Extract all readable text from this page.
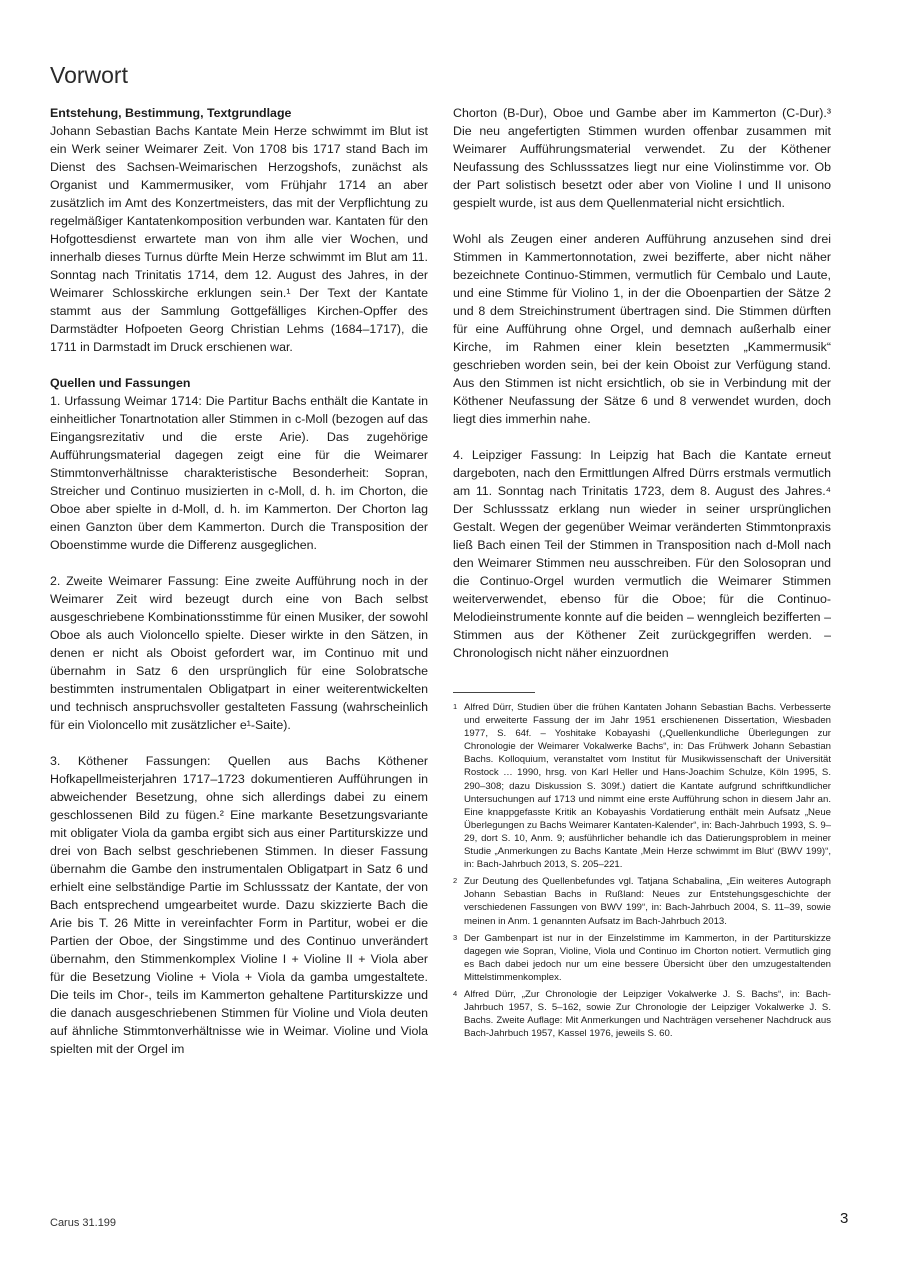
Vorwort
Entstehung, Bestimmung, Textgrundlage

Johann Sebastian Bachs Kantate Mein Herze schwimmt im Blut ist ein Werk seiner Weimarer Zeit. Von 1708 bis 1717 stand Bach im Dienst des Sachsen-Weimarischen Herzogshofs, zunächst als Organist und Kammermusiker, vom Frühjahr 1714 an aber zusätzlich im Amt des Konzertmeisters, das mit der Verpflichtung zu regelmäßiger Kantatenkomposition verbunden war. Kantaten für den Hofgottesdienst erwartete man von ihm alle vier Wochen, und innerhalb dieses Turnus dürfte Mein Herze schwimmt im Blut am 11. Sonntag nach Trinitatis 1714, dem 12. August des Jahres, in der Weimarer Schlosskirche erklungen sein.¹ Der Text der Kantate stammt aus der Sammlung Gottgefälliges Kirchen-Opffer des Darmstädter Hofpoeten Georg Christian Lehms (1684–1717), die 1711 in Darmstadt im Druck erschienen war.

Quellen und Fassungen

1. Urfassung Weimar 1714: Die Partitur Bachs enthält die Kantate in einheitlicher Tonartnotation aller Stimmen in c-Moll (bezogen auf das Eingangsrezitativ und die erste Arie). Das zugehörige Aufführungsmaterial dagegen zeigt eine für die Weimarer Stimmtonverhältnisse charakteristische Besonderheit: Sopran, Streicher und Continuo musizierten in c-Moll, d. h. im Chorton, die Oboe aber spielte in d-Moll, d. h. im Kammerton. Der Chorton lag einen Ganzton über dem Kammerton. Durch die Transposition der Oboenstimme wurde die Differenz ausgeglichen.

2. Zweite Weimarer Fassung: Eine zweite Aufführung noch in der Weimarer Zeit wird bezeugt durch eine von Bach selbst ausgeschriebene Kombinationsstimme für einen Musiker, der sowohl Oboe als auch Violoncello spielte. Dieser wirkte in den Sätzen, in denen er nicht als Oboist gefordert war, im Continuo mit und übernahm in Satz 6 den ursprünglich für eine Solobratsche bestimmten instrumentalen Obligatpart in einer weiterentwickelten und technisch anspruchsvoller gestalteten Fassung (wahrscheinlich für ein Violoncello mit zusätzlicher e¹-Saite).

3. Köthener Fassungen: Quellen aus Bachs Köthener Hofkapellmeisterjahren 1717–1723 dokumentieren Aufführungen in abweichender Besetzung, ohne sich allerdings dabei zu einem geschlossenen Bild zu fügen.² Eine markante Besetzungsvariante mit obligater Viola da gamba ergibt sich aus einer Partiturskizze und drei von Bach selbst geschriebenen Stimmen. In dieser Fassung übernahm die Gambe den instrumentalen Obligatpart in Satz 6 und erhielt eine selbständige Partie im Schlusssatz der Kantate, der von Bach entsprechend umgearbeitet wurde. Dazu skizzierte Bach die Arie bis T. 26 Mitte in vereinfachter Form in Partitur, wobei er die Partien der Oboe, der Singstimme und des Continuo unverändert übernahm, den Stimmenkomplex Violine I + Violine II + Viola aber für die Besetzung Violine + Viola + Viola da gamba umgestaltete. Die teils im Chor-, teils im Kammerton gehaltene Partiturskizze und die danach ausgeschriebenen Stimmen für Violine und Viola deuten auf ähnliche Stimmtonverhältnisse wie in Weimar. Violine und Viola spielten mit der Orgel im

Chorton (B-Dur), Oboe und Gambe aber im Kammerton (C-Dur).³ Die neu angefertigten Stimmen wurden offenbar zusammen mit Weimarer Aufführungsmaterial verwendet. Zu der Köthener Neufassung des Schlusssatzes liegt nur eine Violinstimme vor. Ob der Part solistisch besetzt oder aber von Violine I und II unisono gespielt wurde, ist aus dem Quellenmaterial nicht ersichtlich.

Wohl als Zeugen einer anderen Aufführung anzusehen sind drei Stimmen in Kammertonnotation, zwei bezifferte, aber nicht näher bezeichnete Continuo-Stimmen, vermutlich für Cembalo und Laute, und eine Stimme für Violino 1, in der die Oboenpartien der Sätze 2 und 8 dem Streichinstrument übertragen sind. Die Stimmen dürften für eine Aufführung ohne Orgel, und demnach außerhalb einer Kirche, im Rahmen einer klein besetzten „Kammermusik“ geschrieben worden sein, bei der kein Oboist zur Verfügung stand. Aus den Stimmen ist nicht ersichtlich, ob sie in Verbindung mit der Köthener Neufassung der Sätze 6 und 8 verwendet wurden, doch liegt dies immerhin nahe.

4. Leipziger Fassung: In Leipzig hat Bach die Kantate erneut dargeboten, nach den Ermittlungen Alfred Dürrs erstmals vermutlich am 11. Sonntag nach Trinitatis 1723, dem 8. August des Jahres.⁴ Der Schlusssatz erklang nun wieder in seiner ursprünglichen Gestalt. Wegen der gegenüber Weimar veränderten Stimmtonpraxis ließ Bach einen Teil der Stimmen in Transposition nach d-Moll nach den Weimarer Stimmen neu ausschreiben. Für den Solosopran und die Continuo-Orgel wurden vermutlich die Weimarer Stimmen weiterverwendet, ebenso für die Oboe; für die Continuo-Melodieinstrumente konnte auf die beiden – wenngleich bezifferten – Stimmen aus der Köthener Zeit zurückgegriffen werden. – Chronologisch nicht näher einzuordnen

1 Alfred Dürr, Studien über die frühen Kantaten Johann Sebastian Bachs. Verbesserte und erweiterte Fassung der im Jahr 1951 erschienenen Dissertation, Wiesbaden 1977, S. 64f. – Yoshitake Kobayashi („Quellenkundliche Überlegungen zur Chronologie der Weimarer Vokalwerke Bachs“, in: Das Frühwerk Johann Sebastian Bachs. Kolloquium, veranstaltet vom Institut für Musikwissenschaft der Universität Rostock … 1990, hrsg. von Karl Heller und Hans-Joachim Schulze, Köln 1995, S. 290–308; dazu Diskussion S. 309f.) datiert die Kantate aufgrund schriftkundlicher Untersuchungen auf 1713 und nimmt eine erste Aufführung schon in diesem Jahr an. Eine knappgefasste Kritik an Kobayashis Vordatierung enthält mein Aufsatz „Neue Überlegungen zu Bachs Weimarer Kantaten-Kalender“, in: Bach-Jahrbuch 1993, S. 9–29, dort S. 10, Anm. 9; ausführlicher behandle ich das Datierungsproblem in meiner Studie „Anmerkungen zu Bachs Kantate ‚Mein Herze schwimmt im Blut‘ (BWV 199)“, in: Bach-Jahrbuch 2013, S. 205–221.
2 Zur Deutung des Quellenbefundes vgl. Tatjana Schabalina, „Ein weiteres Autograph Johann Sebastian Bachs in Rußland: Neues zur Entstehungsgeschichte der verschiedenen Fassungen von BWV 199“, in: Bach-Jahrbuch 2004, S. 11–39, sowie meinen in Anm. 1 genannten Aufsatz im Bach-Jahrbuch 2013.
3 Der Gambenpart ist nur in der Einzelstimme im Kammerton, in der Partiturskizze dagegen wie Sopran, Violine, Viola und Continuo im Chorton notiert. Vermutlich ging es Bach dabei jedoch nur um eine bessere Übersicht über den umzugestaltenden Mittelstimmenkomplex.
4 Alfred Dürr, „Zur Chronologie der Leipziger Vokalwerke J. S. Bachs“, in: Bach-Jahrbuch 1957, S. 5–162, sowie Zur Chronologie der Leipziger Vokalwerke J. S. Bachs. Zweite Auflage: Mit Anmerkungen und Nachträgen versehener Nachdruck aus Bach-Jahrbuch 1957, Kassel 1976, jeweils S. 60.
Carus 31.199	3
